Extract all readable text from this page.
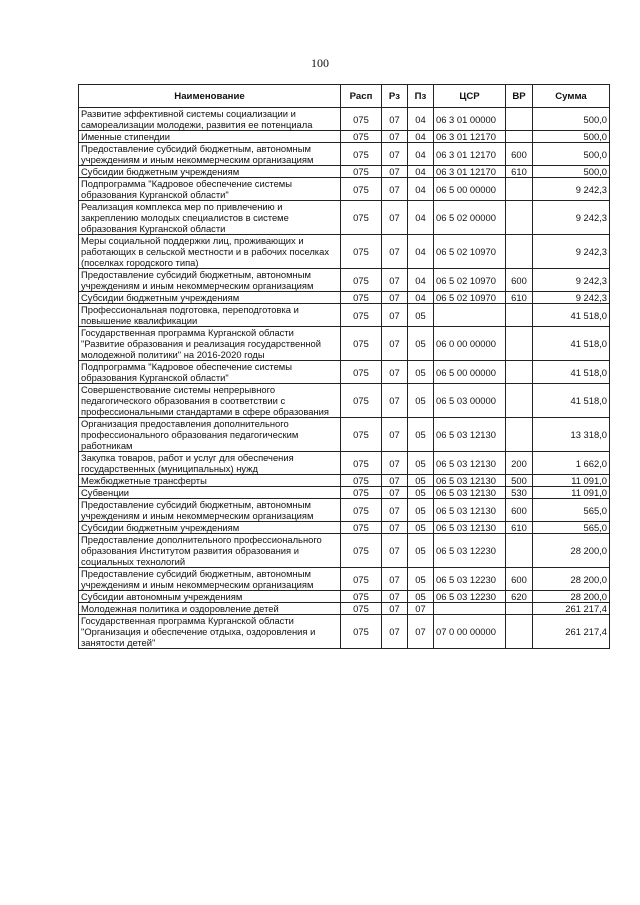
100
Наименование	Расп	Рз	Пз	ЦСР	ВР	Сумма
Развитие эффективной системы социализации и самореализации молодежи, развития ее потенциала	075	07	04	06 3 01 00000		500,0
Именные стипендии	075	07	04	06 3 01 12170		500,0
Предоставление субсидий бюджетным, автономным учреждениям и иным некоммерческим организациям	075	07	04	06 3 01 12170	600	500,0
Субсидии бюджетным учреждениям	075	07	04	06 3 01 12170	610	500,0
Подпрограмма "Кадровое обеспечение системы образования Курганской области"	075	07	04	06 5 00 00000		9 242,3
Реализация комплекса мер по привлечению и закреплению молодых специалистов в системе образования Курганской области	075	07	04	06 5 02 00000		9 242,3
Меры социальной поддержки лиц, проживающих и работающих в сельской местности и в рабочих поселках (поселках городского типа)	075	07	04	06 5 02 10970		9 242,3
Предоставление субсидий бюджетным, автономным учреждениям и иным некоммерческим организациям	075	07	04	06 5 02 10970	600	9 242,3
Субсидии бюджетным учреждениям	075	07	04	06 5 02 10970	610	9 242,3
Профессиональная подготовка, переподготовка и повышение квалификации	075	07	05			41 518,0
Государственная программа Курганской области "Развитие образования и реализация государственной молодежной политики" на 2016-2020 годы	075	07	05	06 0 00 00000		41 518,0
Подпрограмма "Кадровое обеспечение системы образования Курганской области"	075	07	05	06 5 00 00000		41 518,0
Совершенствование системы непрерывного педагогического образования в соответствии с профессиональными стандартами в сфере образования	075	07	05	06 5 03 00000		41 518,0
Организация предоставления дополнительного профессионального образования педагогическим работникам	075	07	05	06 5 03 12130		13 318,0
Закупка товаров, работ и услуг для обеспечения государственных (муниципальных) нужд	075	07	05	06 5 03 12130	200	1 662,0
Межбюджетные трансферты	075	07	05	06 5 03 12130	500	11 091,0
Субвенции	075	07	05	06 5 03 12130	530	11 091,0
Предоставление субсидий бюджетным, автономным учреждениям и иным некоммерческим организациям	075	07	05	06 5 03 12130	600	565,0
Субсидии бюджетным учреждениям	075	07	05	06 5 03 12130	610	565,0
Предоставление дополнительного профессионального образования Институтом развития образования и социальных технологий	075	07	05	06 5 03 12230		28 200,0
Предоставление субсидий бюджетным, автономным учреждениям и иным некоммерческим организациям	075	07	05	06 5 03 12230	600	28 200,0
Субсидии автономным учреждениям	075	07	05	06 5 03 12230	620	28 200,0
Молодежная политика и оздоровление детей	075	07	07			261 217,4
Государственная программа Курганской области "Организация и обеспечение отдыха, оздоровления и занятости детей"	075	07	07	07 0 00 00000		261 217,4
